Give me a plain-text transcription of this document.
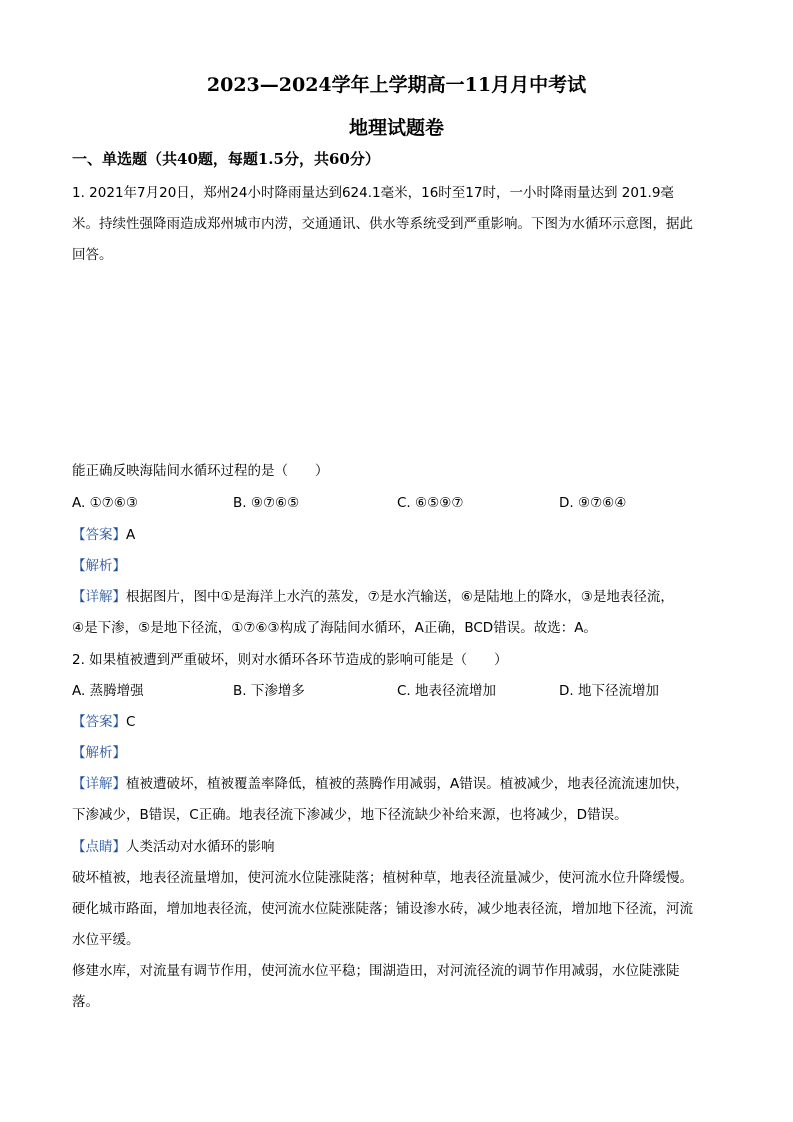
2023—2024学年上学期高一11月月中考试
地理试题卷
一、单选题（共40题，每题1.5分，共60分）
1. 2021年7月20日，郑州24小时降雨量达到624.1毫米，16时至17时，一小时降雨量达到 201.9毫
米。持续性强降雨造成郑州城市内涝，交通通讯、供水等系统受到严重影响。下图为水循环示意图，据此
回答。
能正确反映海陆间水循环过程的是（　　）
A. ①⑦⑥③	B. ⑨⑦⑥⑤	C. ⑥⑤⑨⑦	D. ⑨⑦⑥④
【答案】A
【解析】
【详解】根据图片，图中①是海洋上水汽的蒸发，⑦是水汽输送，⑥是陆地上的降水，③是地表径流，
④是下渗，⑤是地下径流，①⑦⑥③构成了海陆间水循环，A正确，BCD错误。故选：A。
2. 如果植被遭到严重破坏，则对水循环各环节造成的影响可能是（　　）
A. 蒸腾增强	B. 下渗增多	C. 地表径流增加	D. 地下径流增加
【答案】C
【解析】
【详解】植被遭破坏，植被覆盖率降低，植被的蒸腾作用减弱，A错误。植被减少，地表径流流速加快，
下渗减少，B错误，C正确。地表径流下渗减少，地下径流缺少补给来源，也将减少，D错误。
【点睛】人类活动对水循环的影响
破坏植被，地表径流量增加，使河流水位陡涨陡落；植树种草，地表径流量减少，使河流水位升降缓慢。
硬化城市路面，增加地表径流，使河流水位陡涨陡落；铺设渗水砖，减少地表径流，增加地下径流，河流
水位平缓。
修建水库，对流量有调节作用，使河流水位平稳；围湖造田，对河流径流的调节作用减弱，水位陡涨陡
落。
